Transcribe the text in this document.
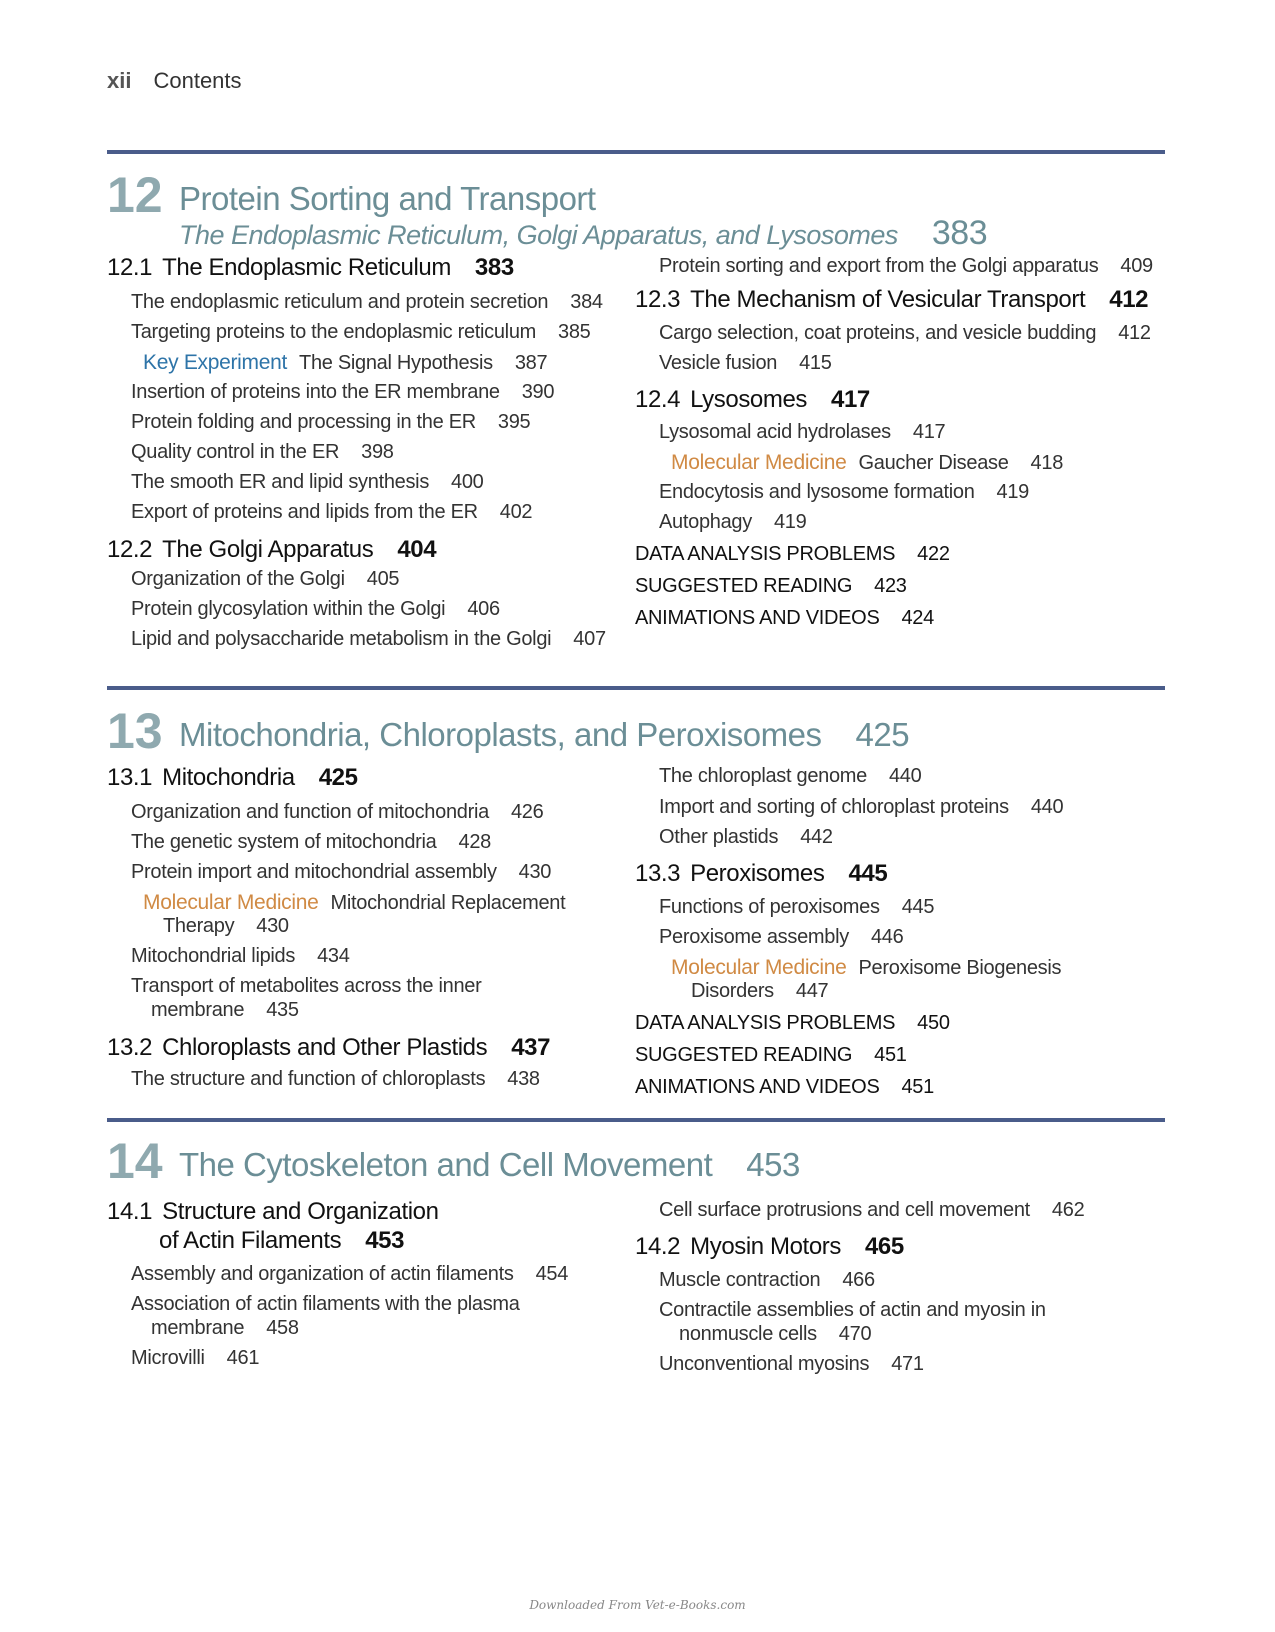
xii Contents
12 Protein Sorting and Transport
The Endoplasmic Reticulum, Golgi Apparatus, and Lysosomes 383
12.1 The Endoplasmic Reticulum 383
The endoplasmic reticulum and protein secretion 384
Targeting proteins to the endoplasmic reticulum 385
Key Experiment The Signal Hypothesis 387
Insertion of proteins into the ER membrane 390
Protein folding and processing in the ER 395
Quality control in the ER 398
The smooth ER and lipid synthesis 400
Export of proteins and lipids from the ER 402
12.2 The Golgi Apparatus 404
Organization of the Golgi 405
Protein glycosylation within the Golgi 406
Lipid and polysaccharide metabolism in the Golgi 407
Protein sorting and export from the Golgi apparatus 409
12.3 The Mechanism of Vesicular Transport 412
Cargo selection, coat proteins, and vesicle budding 412
Vesicle fusion 415
12.4 Lysosomes 417
Lysosomal acid hydrolases 417
Molecular Medicine Gaucher Disease 418
Endocytosis and lysosome formation 419
Autophagy 419
DATA ANALYSIS PROBLEMS 422
SUGGESTED READING 423
ANIMATIONS AND VIDEOS 424
13 Mitochondria, Chloroplasts, and Peroxisomes 425
13.1 Mitochondria 425
Organization and function of mitochondria 426
The genetic system of mitochondria 428
Protein import and mitochondrial assembly 430
Molecular Medicine Mitochondrial Replacement
Therapy 430
Mitochondrial lipids 434
Transport of metabolites across the inner
membrane 435
13.2 Chloroplasts and Other Plastids 437
The structure and function of chloroplasts 438
The chloroplast genome 440
Import and sorting of chloroplast proteins 440
Other plastids 442
13.3 Peroxisomes 445
Functions of peroxisomes 445
Peroxisome assembly 446
Molecular Medicine Peroxisome Biogenesis
Disorders 447
DATA ANALYSIS PROBLEMS 450
SUGGESTED READING 451
ANIMATIONS AND VIDEOS 451
14 The Cytoskeleton and Cell Movement 453
14.1 Structure and Organization
of Actin Filaments 453
Assembly and organization of actin filaments 454
Association of actin filaments with the plasma
membrane 458
Microvilli 461
Cell surface protrusions and cell movement 462
14.2 Myosin Motors 465
Muscle contraction 466
Contractile assemblies of actin and myosin in
nonmuscle cells 470
Unconventional myosins 471
Downloaded From Vet-e-Books.com
